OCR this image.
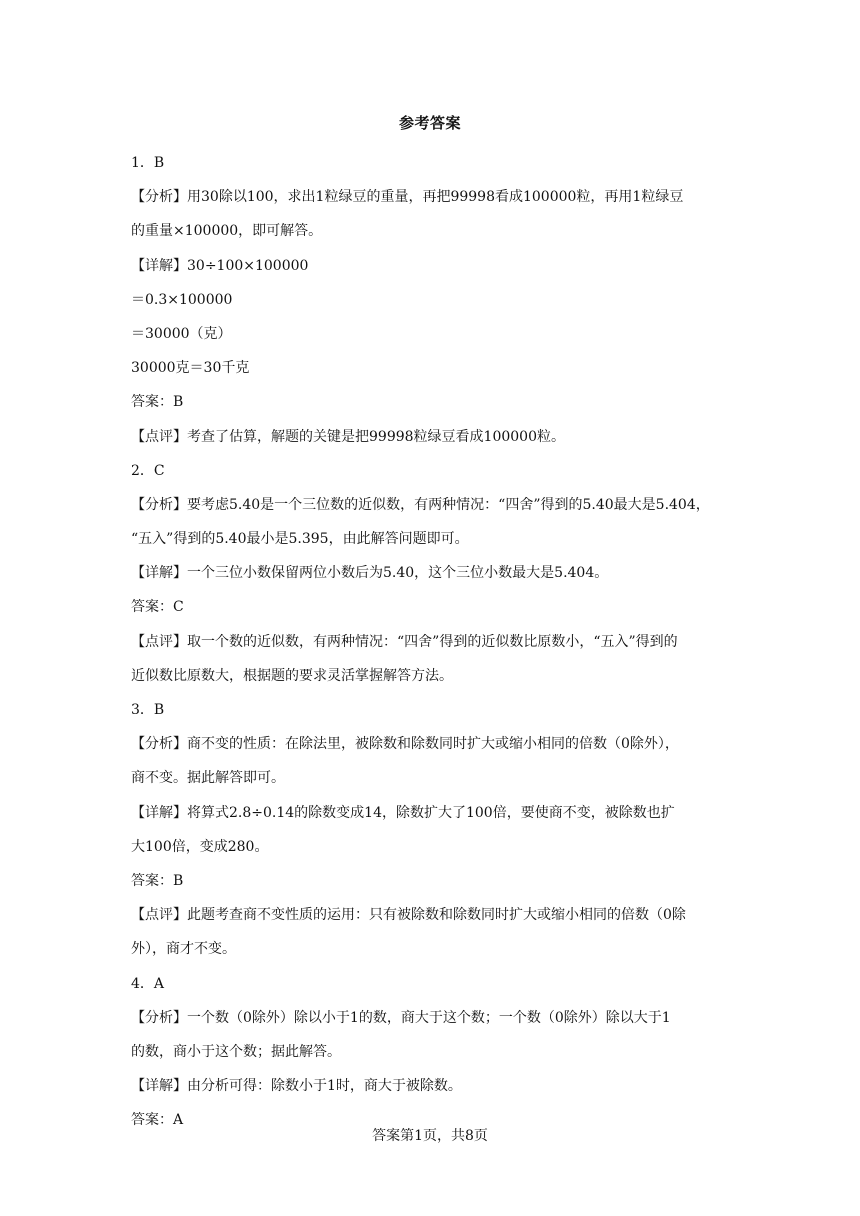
参考答案
1．B
【分析】用30除以100，求出1粒绿豆的重量，再把99998看成100000粒，再用1粒绿豆
的重量×100000，即可解答。
【详解】30÷100×100000
＝0.3×100000
＝30000（克）
30000克＝30千克
答案：B
【点评】考查了估算，解题的关键是把99998粒绿豆看成100000粒。
2．C
【分析】要考虑5.40是一个三位数的近似数，有两种情况：“四舍”得到的5.40最大是5.404，
“五入”得到的5.40最小是5.395，由此解答问题即可。
【详解】一个三位小数保留两位小数后为5.40，这个三位小数最大是5.404。
答案：C
【点评】取一个数的近似数，有两种情况：“四舍”得到的近似数比原数小，“五入”得到的
近似数比原数大，根据题的要求灵活掌握解答方法。
3．B
【分析】商不变的性质：在除法里，被除数和除数同时扩大或缩小相同的倍数（0除外），
商不变。据此解答即可。
【详解】将算式2.8÷0.14的除数变成14，除数扩大了100倍，要使商不变，被除数也扩
大100倍，变成280。
答案：B
【点评】此题考查商不变性质的运用：只有被除数和除数同时扩大或缩小相同的倍数（0除
外），商才不变。
4．A
【分析】一个数（0除外）除以小于1的数，商大于这个数；一个数（0除外）除以大于1
的数，商小于这个数；据此解答。
【详解】由分析可得：除数小于1时，商大于被除数。
答案：A
答案第1页，共8页
